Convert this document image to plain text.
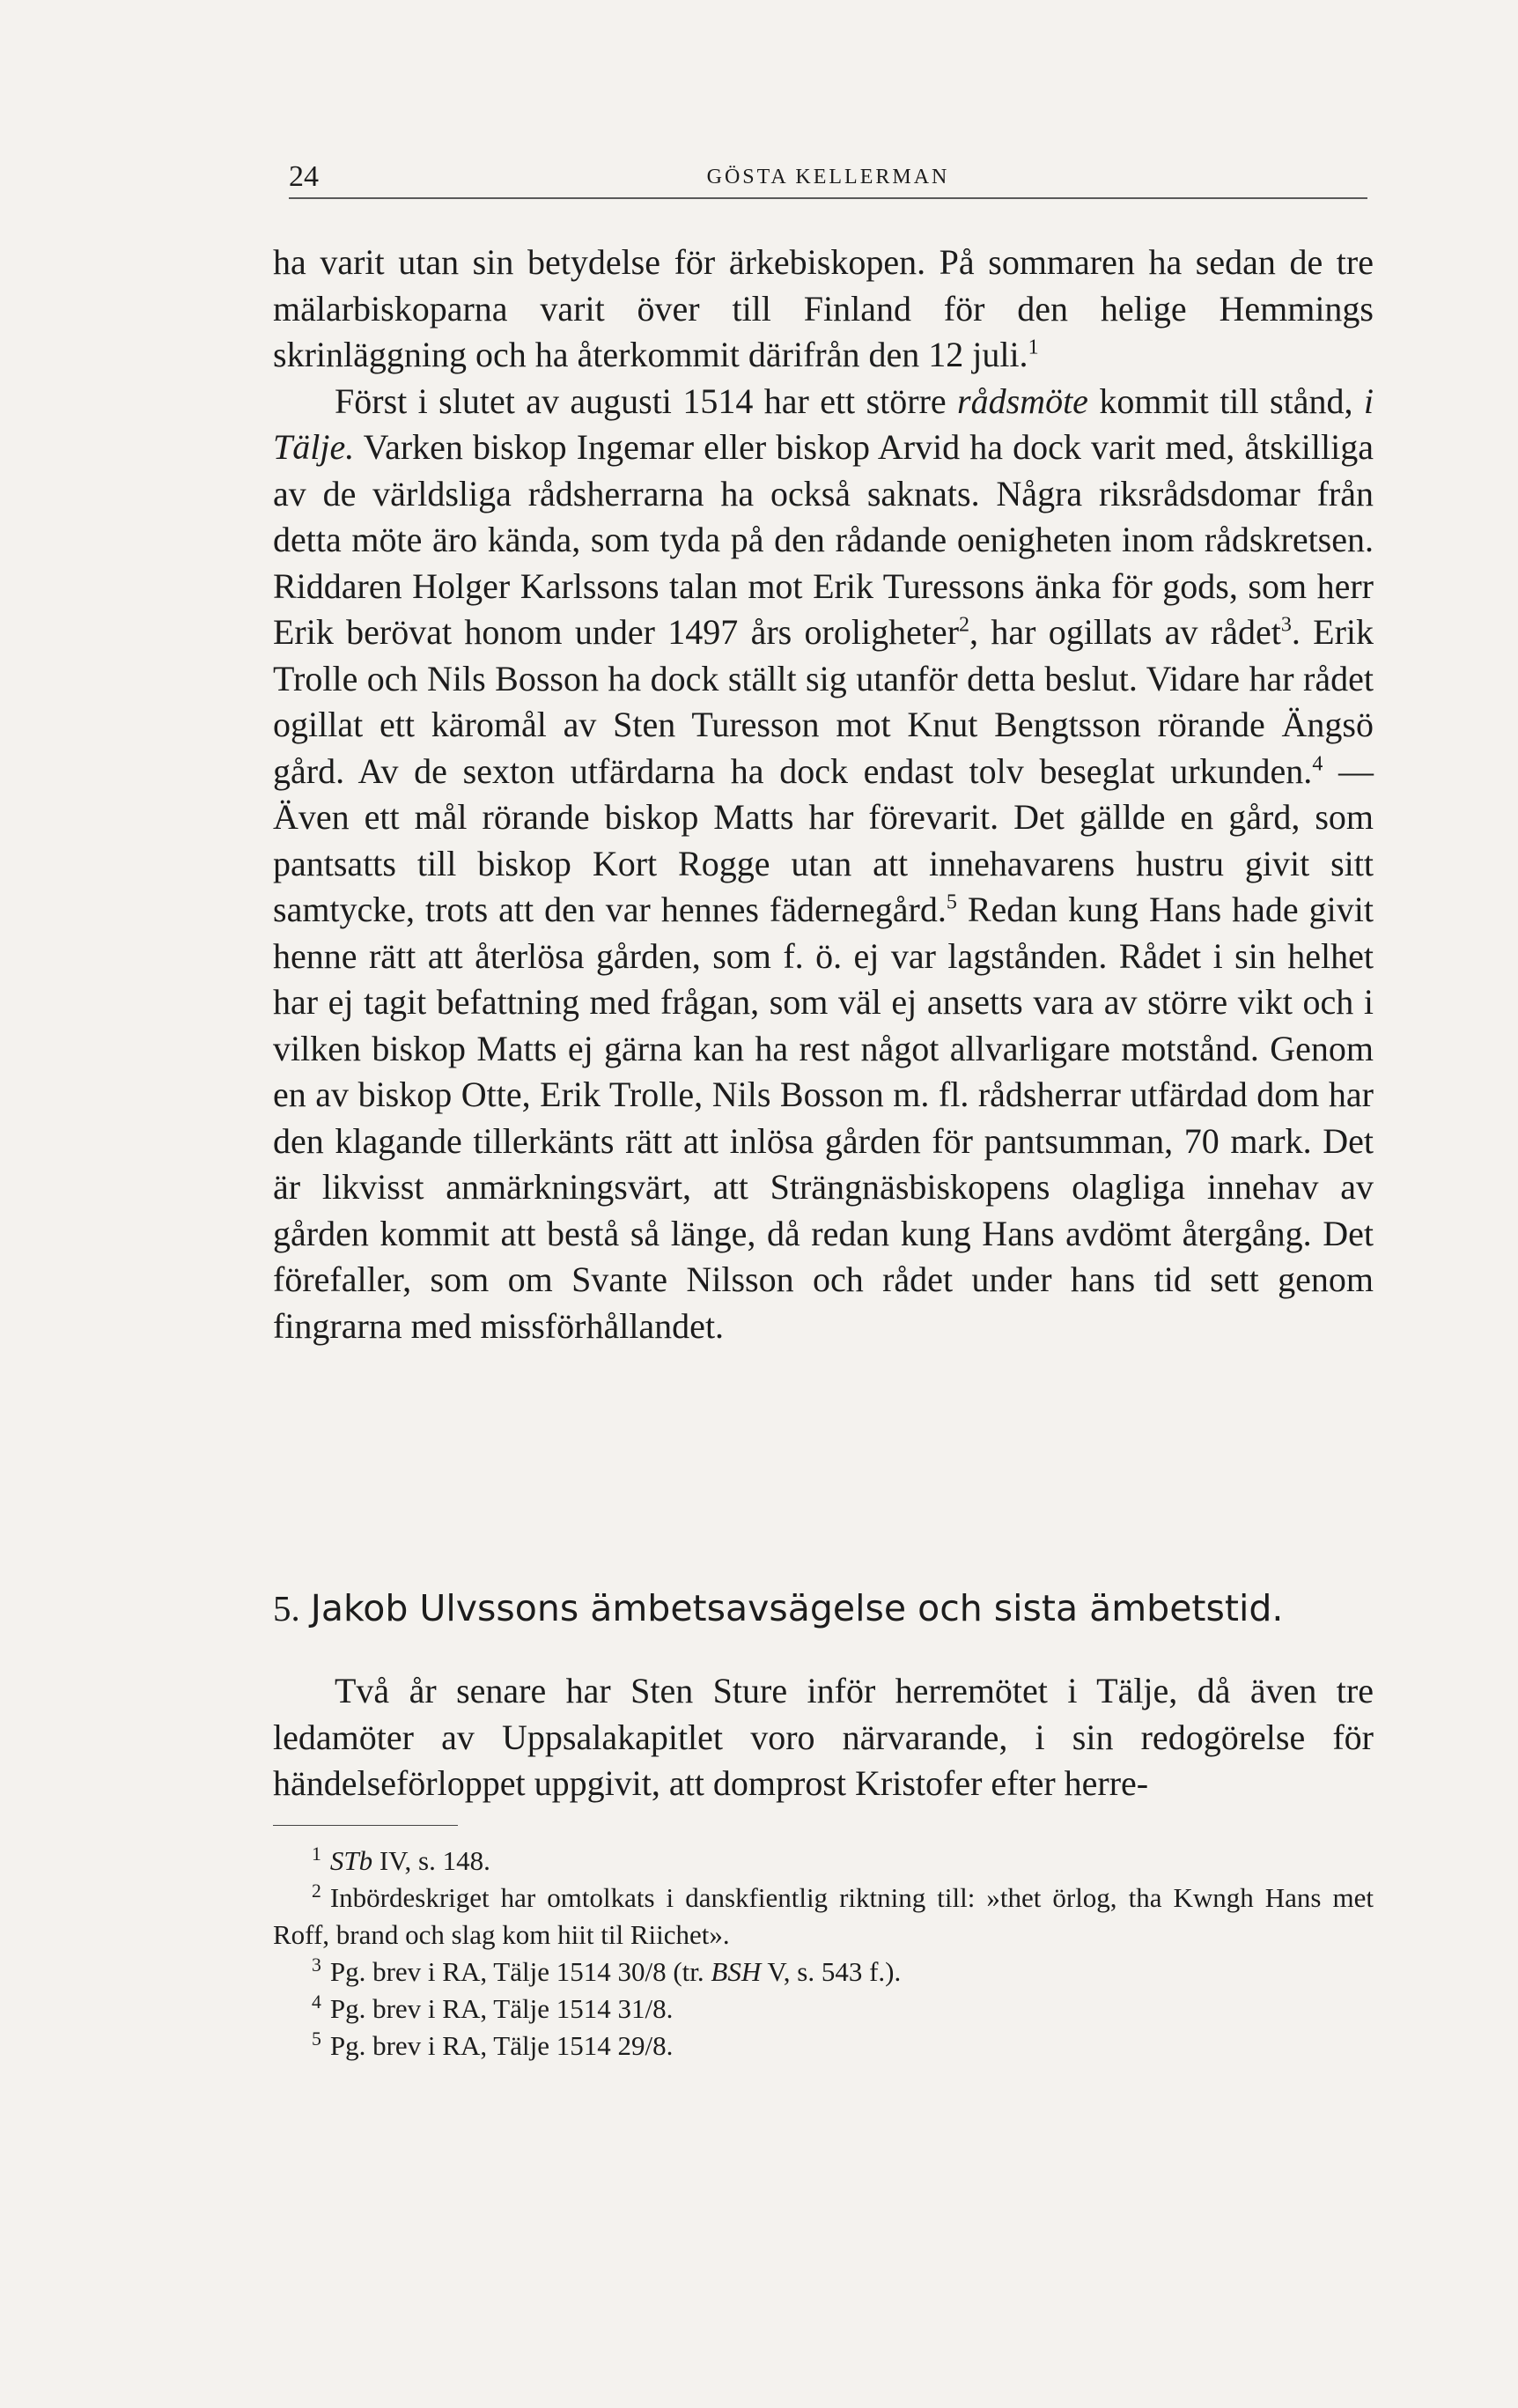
24	GÖSTA KELLERMAN

ha varit utan sin betydelse för ärkebiskopen. På sommaren ha sedan de tre mälarbiskoparna varit över till Finland för den helige Hemmings skrinläggning och ha återkommit därifrån den 12 juli.$^1$

Först i slutet av augusti 1514 har ett större rådsmöte kommit till stånd, i Tälje. Varken biskop Ingemar eller biskop Arvid ha dock varit med, åtskilliga av de världsliga rådsherrarna ha också saknats. Några riksrådsdomar från detta möte äro kända, som tyda på den rådande oenigheten inom rådskretsen. Riddaren Holger Karlssons talan mot Erik Turessons änka för gods, som herr Erik berövat honom under 1497 års oroligheter$^2$, har ogillats av rådet$^3$. Erik Trolle och Nils Bosson ha dock ställt sig utanför detta beslut. Vidare har rådet ogillat ett käromål av Sten Turesson mot Knut Bengtsson rörande Ängsö gård. Av de sexton utfärdarna ha dock endast tolv beseglat urkunden.$^4$ — Även ett mål rörande biskop Matts har förevarit. Det gällde en gård, som pantsatts till biskop Kort Rogge utan att innehavarens hustru givit sitt samtycke, trots att den var hennes fädernegård.$^5$ Redan kung Hans hade givit henne rätt att återlösa gården, som f. ö. ej var lagstånden. Rådet i sin helhet har ej tagit befattning med frågan, som väl ej ansetts vara av större vikt och i vilken biskop Matts ej gärna kan ha rest något allvarligare motstånd. Genom en av biskop Otte, Erik Trolle, Nils Bosson m. fl. rådsherrar utfärdad dom har den klagande tillerkänts rätt att inlösa gården för pantsumman, 70 mark. Det är likvisst anmärkningsvärt, att Strängnäsbiskopens olagliga innehav av gården kommit att bestå så länge, då redan kung Hans avdömt återgång. Det förefaller, som om Svante Nilsson och rådet under hans tid sett genom fingrarna med missförhållandet.

5. Jakob Ulvssons ämbetsavsägelse och sista ämbetstid.

Två år senare har Sten Sture inför herremötet i Tälje, då även tre ledamöter av Uppsalakapitlet voro närvarande, i sin redogörelse för händelseförloppet uppgivit, att domprost Kristofer efter herre-

$^1$ STb IV, s. 148.

$^2$ Inbördeskriget har omtolkats i danskfientlig riktning till: »thet örlog, tha Kwngh Hans met Roff, brand och slag kom hiit til Riichet».

$^3$ Pg. brev i RA, Tälje 1514 30/8 (tr. BSH V, s. 543 f.).

$^4$ Pg. brev i RA, Tälje 1514 31/8.

$^5$ Pg. brev i RA, Tälje 1514 29/8.
